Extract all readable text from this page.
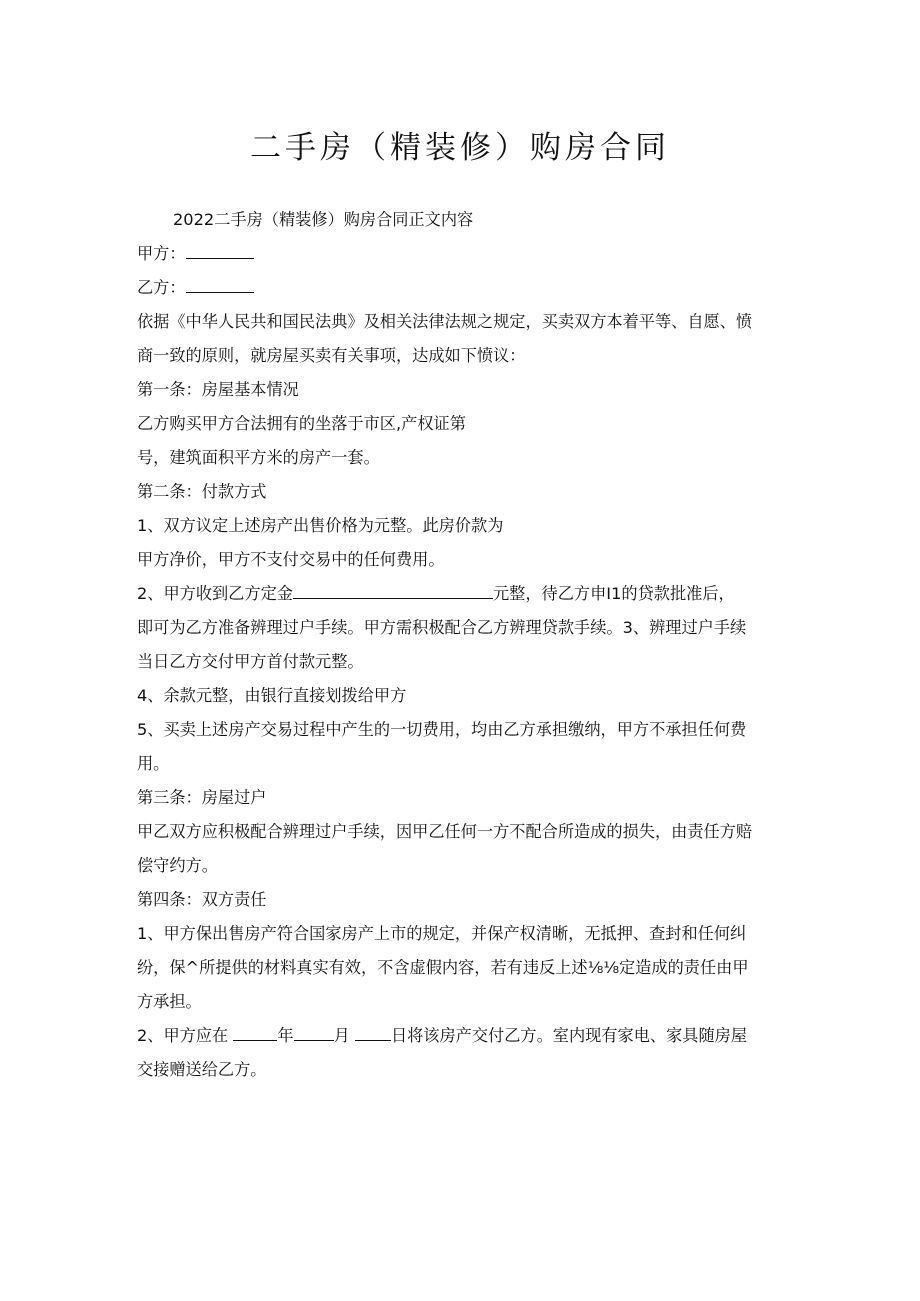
二手房（精装修）购房合同
2022二手房（精装修）购房合同正文内容
甲方：
乙方：
依据《中华人民共和国民法典》及相关法律法规之规定，买卖双方本着平等、自愿、愤
商一致的原则，就房屋买卖有关事项，达成如下愤议：
第一条：房屋基本情况
乙方购买甲方合法拥有的坐落于市区,产权证第
号，建筑面积平方米的房产一套。
第二条：付款方式
1、双方议定上述房产出售价格为元整。此房价款为
甲方净价，甲方不支付交易中的任何费用。
2、甲方收到乙方定金	元整，待乙方申I1的贷款批准后，
即可为乙方准备辨理过户手续。甲方需积极配合乙方辨理贷款手续。3、辨理过户手续
当日乙方交付甲方首付款元整。
4、余款元整，由银行直接划拨给甲方
5、买卖上述房产交易过程中产生的一切费用，均由乙方承担缴纳，甲方不承担任何费
用。
第三条：房屋过户
甲乙双方应积极配合辨理过户手续，因甲乙任何一方不配合所造成的损失，由责任方赔
偿守约方。
第四条：双方责任
1、甲方保出售房产符合国家房产上市的规定，并保产权清晰，无抵押、查封和任何纠
纷，保^所提供的材料真实有效，不含虚假内容，若有违反上述⅛⅛定造成的责任由甲
方承担。
2、甲方应在	年 月	日将该房产交付乙方。室内现有家电、家具随房屋
交接赠送给乙方。
